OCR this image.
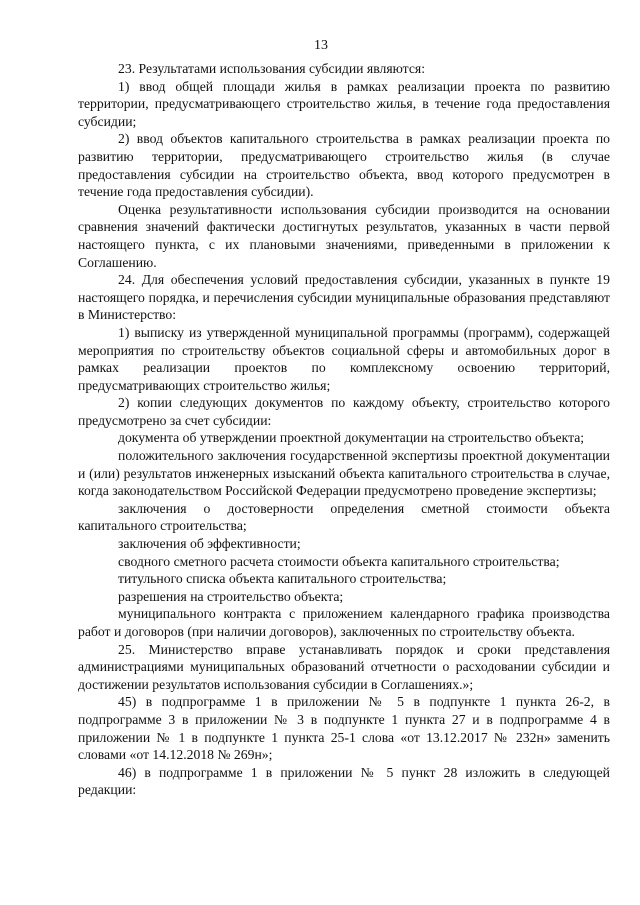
13

23. Результатами использования субсидии являются:

1) ввод общей площади жилья в рамках реализации проекта по развитию территории, предусматривающего строительство жилья, в течение года предоставления субсидии;

2) ввод объектов капитального строительства в рамках реализации проекта по развитию территории, предусматривающего строительство жилья (в случае предоставления субсидии на строительство объекта, ввод которого предусмотрен в течение года предоставления субсидии).

Оценка результативности использования субсидии производится на основании сравнения значений фактически достигнутых результатов, указанных в части первой настоящего пункта, с их плановыми значениями, приведенными в приложении к Соглашению.

24. Для обеспечения условий предоставления субсидии, указанных в пункте 19 настоящего порядка, и перечисления субсидии муниципальные образования представляют в Министерство:

1) выписку из утвержденной муниципальной программы (программ), содержащей мероприятия по строительству объектов социальной сферы и автомобильных дорог в рамках реализации проектов по комплексному освоению территорий, предусматривающих строительство жилья;

2) копии следующих документов по каждому объекту, строительство которого предусмотрено за счет субсидии:

документа об утверждении проектной документации на строительство объекта;

положительного заключения государственной экспертизы проектной документации и (или) результатов инженерных изысканий объекта капитального строительства в случае, когда законодательством Российской Федерации предусмотрено проведение экспертизы;

заключения о достоверности определения сметной стоимости объекта капитального строительства;

заключения об эффективности;

сводного сметного расчета стоимости объекта капитального строительства;

титульного списка объекта капитального строительства;

разрешения на строительство объекта;

муниципального контракта с приложением календарного графика производства работ и договоров (при наличии договоров), заключенных по строительству объекта.

25. Министерство вправе устанавливать порядок и сроки представления администрациями муниципальных образований отчетности о расходовании субсидии и достижении результатов использования субсидии в Соглашениях.»;

45) в подпрограмме 1 в приложении № 5 в подпункте 1 пункта 26-2, в подпрограмме 3 в приложении № 3 в подпункте 1 пункта 27 и в подпрограмме 4 в приложении № 1 в подпункте 1 пункта 25-1 слова «от 13.12.2017 № 232н» заменить словами «от 14.12.2018 № 269н»;

46) в подпрограмме 1 в приложении № 5 пункт 28 изложить в следующей редакции:
